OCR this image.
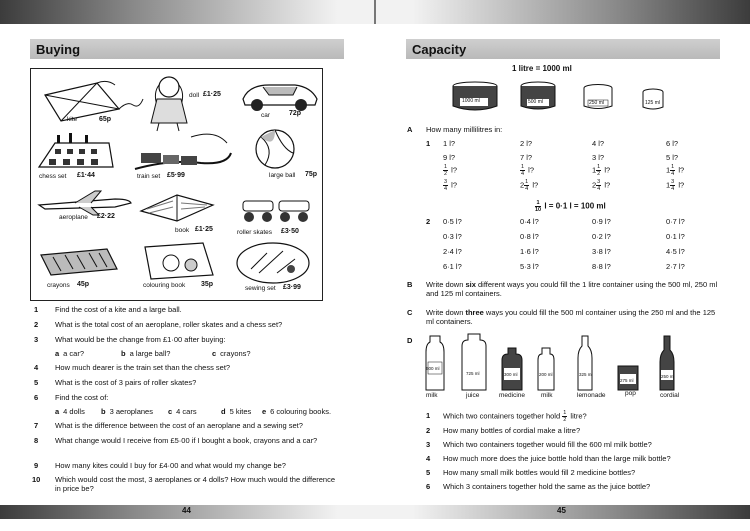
Buying
kite	65p
doll £1·25
car	72p
chess set £1·44	train set £5·99	large ball 75p
aeroplane £2·22
book £1·25	roller skates £3·50
crayons 45p	colouring book 35p
sewing set £3·99
1 Find the cost of a kite and a large ball.
2 What is the total cost of an aeroplane, roller skates and a chess set?
3 What would be the change from £1·00 after buying:
a a car?	b a large ball?	c crayons?
4 How much dearer is the train set than the chess set?
5 What is the cost of 3 pairs of roller skates?
6 Find the cost of:
a 4 dolls b 3 aeroplanes c 4 cars	d 5 kites e 6 colouring books.
7 What is the difference between the cost of an aeroplane and a sewing set?
8 What change would I receive from £5·00 if I bought a book, crayons and a car?
9 How many kites could I buy for £4·00 and what would my change be?
10 Which would cost the most, 3 aeroplanes or 4 dolls? How much would the difference in price be?
Capacity
1 litre = 1000 ml
1000 ml	500 ml	250 ml	125 ml
A How many millilitres in:
1 1 l?	2 l?	4 l?	6 l?
9 l?	7 l?	3 l?	5 l?
$\frac{1}{2} l$?	$\frac{1}{4} l$?	$1 \frac{1}{2} l$?	$1 \frac{1}{4} l$?
$\frac{3}{4} l$?	$2 \frac{1}{4} l$?	$2 \frac{3}{4} l$?	$1 \frac{3}{4} l$?
$\frac{1}{10}$ l = 0·1 l = 100 ml
2 0·5 l?	0·4 l?	0·9 l?	0·7 l?
0·3 l?	0·8 l?	0·2 l?	0·1 l?
2·4 l?	1·6 l?	3·8 l?	4·5 l?
6·1 l?	5·3 l?	8·8 l?	2·7 l?
B Write down six different ways you could fill the 1 litre container using the 500 ml, 250 ml and 125 ml containers.
C Write down three ways you could fill the 500 ml container using the 250 ml and the 125 ml containers.
D
600 ml
725 ml	300 ml	200 ml	325 ml
275 ml
250 ml
milk	juice	medicine milk	lemonade	pop	cordial
1 Which two containers together hold $\frac{1}{2}$ litre?
2 How many bottles of cordial make a litre?
3 Which two containers together would fill the 600 ml milk bottle?
4 How much more does the juice bottle hold than the large milk bottle?
5 How many small milk bottles would fill 2 medicine bottles?
6 Which 3 containers together hold the same as the juice bottle?
44	45
